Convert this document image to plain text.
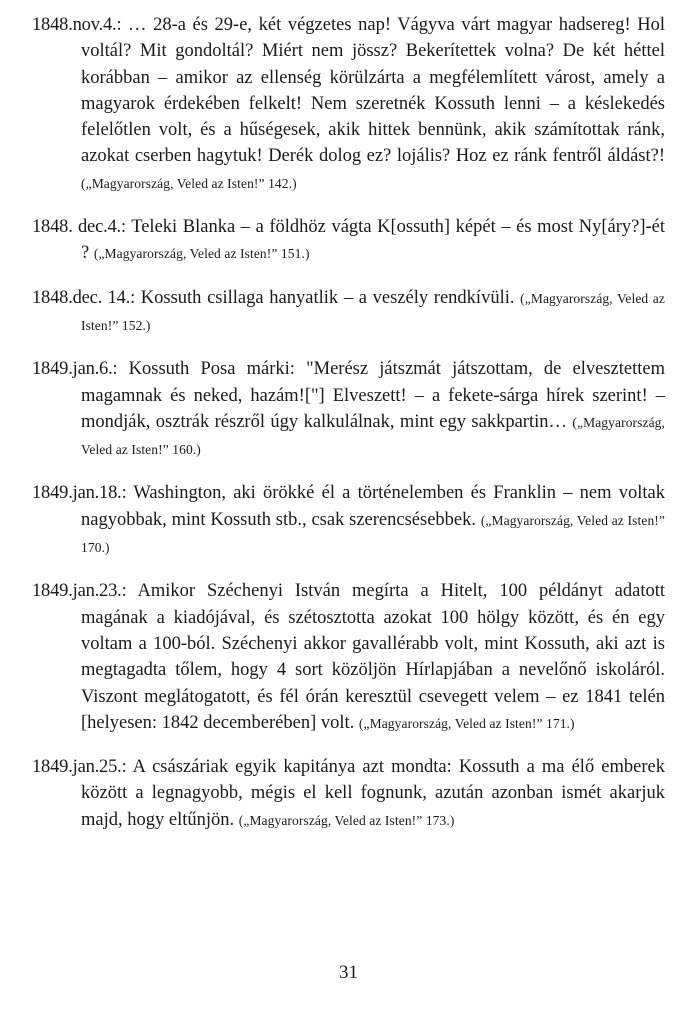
1848.nov.4.: … 28-a és 29-e, két végzetes nap! Vágyva várt magyar hadsereg! Hol voltál? Mit gondoltál? Miért nem jössz? Bekerítettek volna? De két héttel korábban – amikor az ellenség körülzárta a megfélemlített várost, amely a magyarok érdekében felkelt! Nem szeretnék Kossuth lenni – a késlekedés felelőtlen volt, és a hűségesek, akik hittek bennünk, akik számítottak ránk, azokat cserben hagytuk! Derék dolog ez? lojális? Hoz ez ránk fentről áldást?! („Magyarország, Veled az Isten!” 142.)

1848. dec.4.: Teleki Blanka – a földhöz vágta K[ossuth] képét – és most Ny[áry?]-ét ? („Magyarország, Veled az Isten!” 151.)

1848.dec. 14.: Kossuth csillaga hanyatlik – a veszély rendkívüli. („Magyarország, Veled az Isten!” 152.)

1849.jan.6.: Kossuth Posa márki: "Merész játszmát játszottam, de elvesztettem magamnak és neked, hazám!["] Elveszett! – a fekete-sárga hírek szerint! – mondják, osztrák részről úgy kalkulálnak, mint egy sakkpartin… („Magyarország, Veled az Isten!” 160.)

1849.jan.18.: Washington, aki örökké él a történelemben és Franklin – nem voltak nagyobbak, mint Kossuth stb., csak szerencsésebbek. („Magyarország, Veled az Isten!” 170.)

1849.jan.23.: Amikor Széchenyi István megírta a Hitelt, 100 példányt adatott magának a kiadójával, és szétosztotta azokat 100 hölgy között, és én egy voltam a 100-ból. Széchenyi akkor gavallérabb volt, mint Kossuth, aki azt is megtagadta tőlem, hogy 4 sort közöljön Hírlapjában a nevelőnő iskoláról. Viszont meglátogatott, és fél órán keresztül csevegett velem – ez 1841 telén [helyesen: 1842 decemberében] volt. („Magyarország, Veled az Isten!” 171.)

1849.jan.25.: A császáriak egyik kapitánya azt mondta: Kossuth a ma élő emberek között a legnagyobb, mégis el kell fognunk, azután azonban ismét akarjuk majd, hogy eltűnjön. („Magyarország, Veled az Isten!” 173.)

31
